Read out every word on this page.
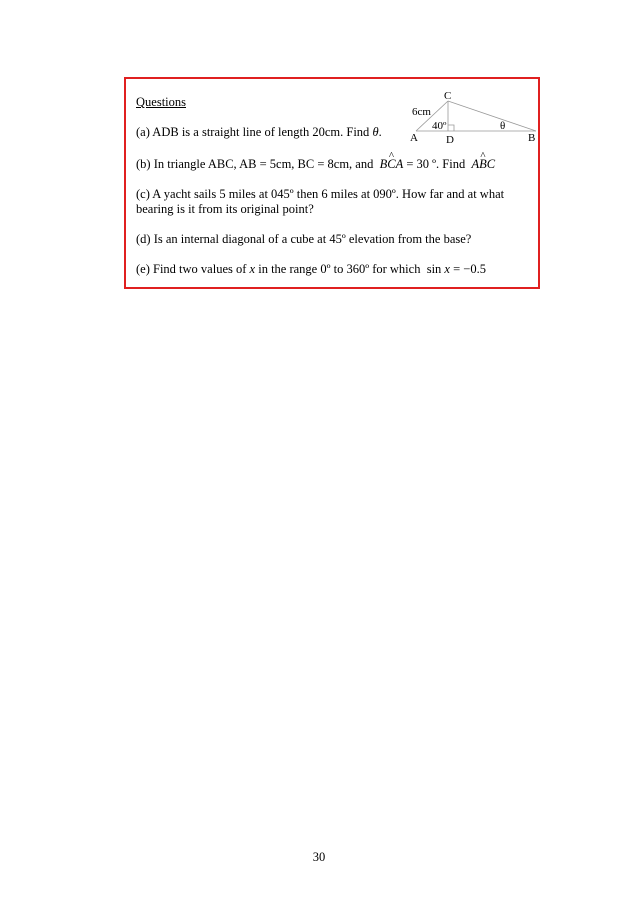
Questions
(a) ADB is a straight line of length 20cm. Find θ.
(b) In triangle ABC, AB = 5cm, BC = 8cm, and B^ CA = 30 º. Find A^ BC
(c) A yacht sails 5 miles at 045º then 6 miles at 090º. How far and at what
bearing is it from its original point?
(d) Is an internal diagonal of a cube at 45º elevation from the base?
(e) Find two values of x in the range 0º to 360º for which sin x = −0.5
C
6cm
40º	θ
A	D	B
30
